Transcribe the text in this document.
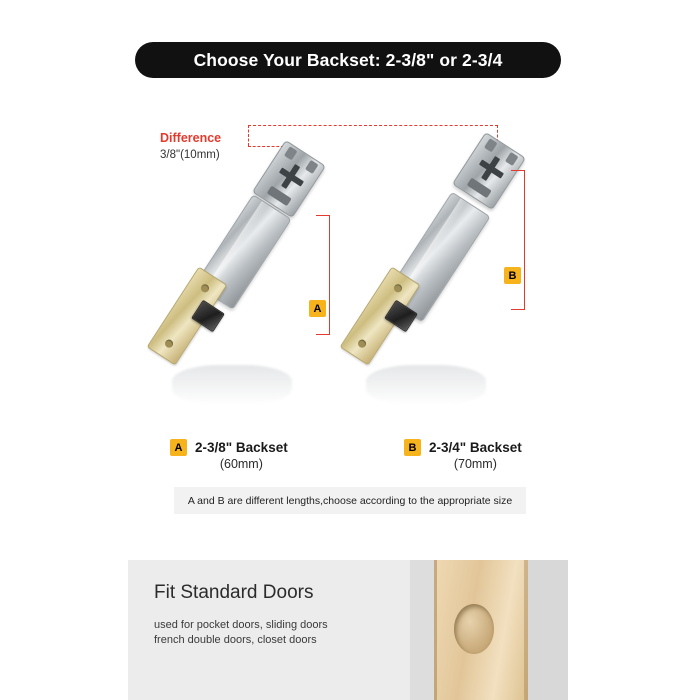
Choose Your Backset: 2-3/8" or 2-3/4
Difference
3/8"(10mm)
A
B
A 2-3/8" Backset
(60mm)
B 2-3/4" Backset
(70mm)
A and B are different lengths,choose according to the appropriate size
Fit Standard Doors
used for pocket doors, sliding doors
french double doors, closet doors
